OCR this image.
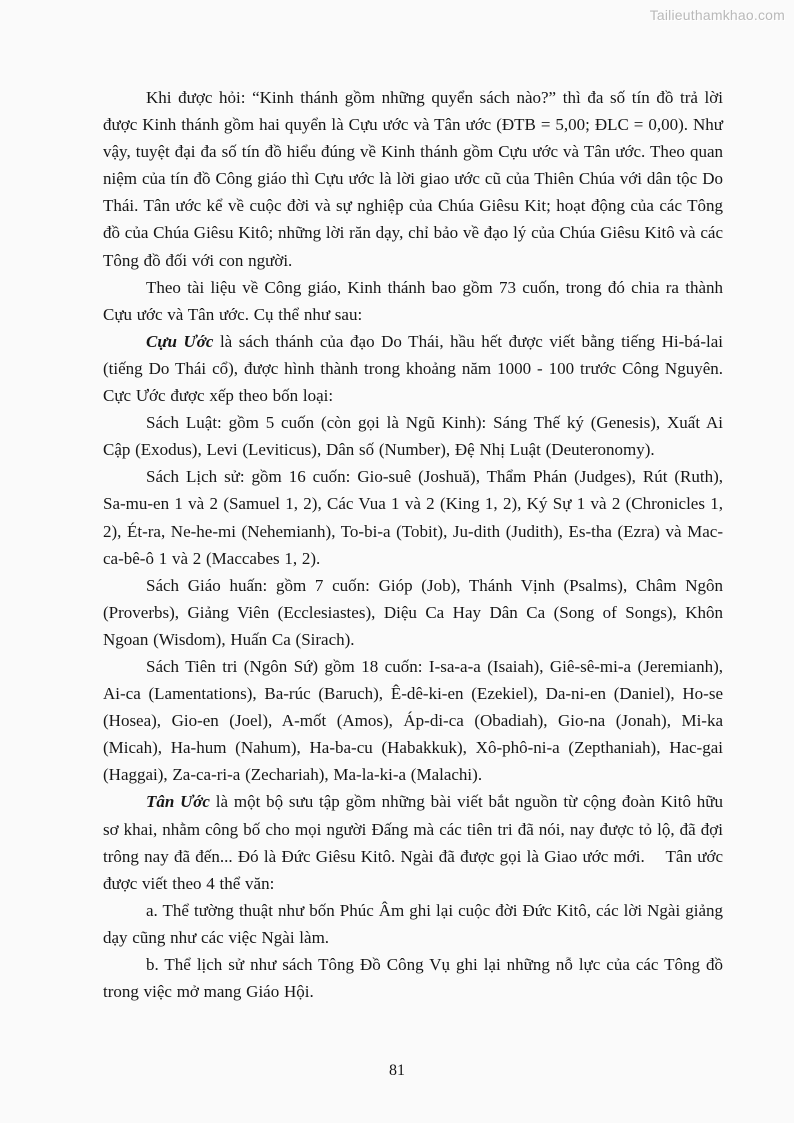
Tailieuthamkhao.com

Khi được hỏi: “Kinh thánh gồm những quyển sách nào?” thì đa số tín đồ trả lời được Kinh thánh gồm hai quyển là Cựu ước và Tân ước (ĐTB = 5,00; ĐLC = 0,00). Như vậy, tuyệt đại đa số tín đồ hiểu đúng về Kinh thánh gồm Cựu ước và Tân ước. Theo quan niệm của tín đồ Công giáo thì Cựu ước là lời giao ước cũ của Thiên Chúa với dân tộc Do Thái. Tân ước kể về cuộc đời và sự nghiệp của Chúa Giêsu Kit; hoạt động của các Tông đồ của Chúa Giêsu Kitô; những lời răn dạy, chỉ bảo về đạo lý của Chúa Giêsu Kitô và các Tông đồ đối với con người.

Theo tài liệu về Công giáo, Kinh thánh bao gồm 73 cuốn, trong đó chia ra thành Cựu ước và Tân ước. Cụ thể như sau:

Cựu Ước là sách thánh của đạo Do Thái, hầu hết được viết bằng tiếng Hi-bá-lai (tiếng Do Thái cổ), được hình thành trong khoảng năm 1000 - 100 trước Công Nguyên. Cực Ước được xếp theo bốn loại:

Sách Luật: gồm 5 cuốn (còn gọi là Ngũ Kinh): Sáng Thế ký (Genesis), Xuất Ai Cập (Exodus), Levi (Leviticus), Dân số (Number), Đệ Nhị Luật (Deuteronomy).

Sách Lịch sử: gồm 16 cuốn: Gio-suê (Joshuă), Thẩm Phán (Judges), Rút (Ruth), Sa-mu-en 1 và 2 (Samuel 1, 2), Các Vua 1 và 2 (King 1, 2), Ký Sự 1 và 2 (Chronicles 1, 2), Ét-ra, Ne-he-mi (Nehemianh), To-bi-a (Tobit), Ju-dith (Judith), Es-tha (Ezra) và Mac-ca-bê-ô 1 và 2 (Maccabes 1, 2).

Sách Giáo huấn: gồm 7 cuốn: Gióp (Job), Thánh Vịnh (Psalms), Châm Ngôn (Proverbs), Giảng Viên (Ecclesiastes), Diệu Ca Hay Dân Ca (Song of Songs), Khôn Ngoan (Wisdom), Huấn Ca (Sirach).

Sách Tiên tri (Ngôn Sứ) gồm 18 cuốn: I-sa-a-a (Isaiah), Giê-sê-mi-a (Jeremianh), Ai-ca (Lamentations), Ba-rúc (Baruch), Ê-dê-ki-en (Ezekiel), Da-ni-en (Daniel), Ho-se (Hosea), Gio-en (Joel), A-mốt (Amos), Áp-di-ca (Obadiah), Gio-na (Jonah), Mi-ka (Micah), Ha-hum (Nahum), Ha-ba-cu (Habakkuk), Xô-phô-ni-a (Zepthaniah), Hac-gai (Haggai), Za-ca-ri-a (Zechariah), Ma-la-ki-a (Malachi).

Tân Ước là một bộ sưu tập gồm những bài viết bắt nguồn từ cộng đoàn Kitô hữu sơ khai, nhằm công bố cho mọi người Đấng mà các tiên tri đã nói, nay được tỏ lộ, đã đợi trông nay đã đến... Đó là Đức Giêsu Kitô. Ngài đã được gọi là Giao ước mới.    Tân ước được viết theo 4 thể văn:

a. Thể tường thuật như bốn Phúc Âm ghi lại cuộc đời Đức Kitô, các lời Ngài giảng dạy cũng như các việc Ngài làm.

b. Thể lịch sử như sách Tông Đồ Công Vụ ghi lại những nỗ lực của các Tông đồ trong việc mở mang Giáo Hội.

81
